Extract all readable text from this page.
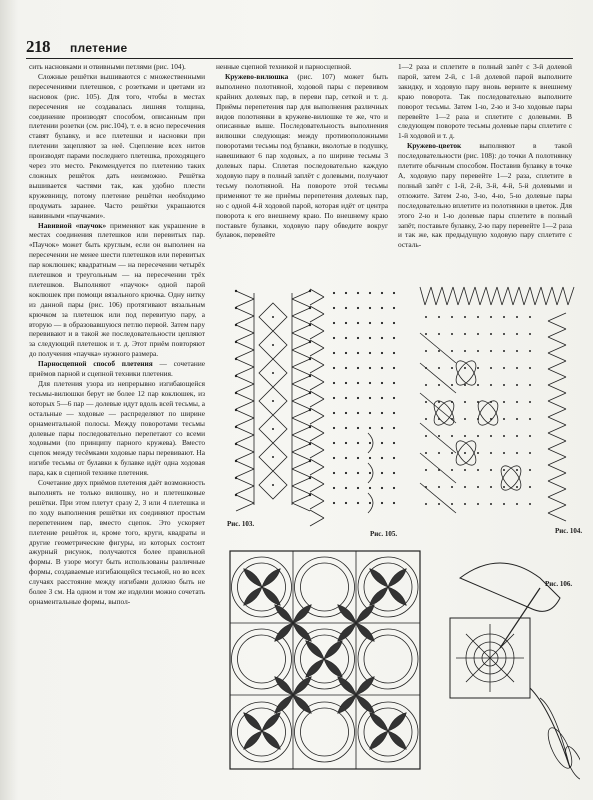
218 плетение

сить насновками и отвивными петлями (рис. 104).

Сложные решётки вышиваются с множественными пересечениями плетешков, с розетками и цветами из насновок (рис. 105). Для того, чтобы в местах пересечения не создавалась лишняя толщина, соединение производят способом, описанным при плетении розетки (см. рис.104), т. е. в ясно пересечения ставят булавку, и все плетешки и насновки при плетении зацепляют за неё. Сцепление всех нитов производят парами последнего плетешка, проходящего через это место. Рекомендуется по плетению таких сложных решёток дать неизможно. Решётка вышивается частями так, как удобно плести кружевницу, потому плетение решётки необходимо продумать заранее. Часто решётки украшаются навивными «паучками».

Навивной «паучок» применяют как украшение в местах соединения плетешков или перевитых пар. «Паучок» может быть круглым, если он выполнен на пересечении не менее шести плетешков или перевитых пар коклюшек; квадратным — на пересечении четырёх плетешков и треугольным — на пересечении трёх плетешков. Выполняют «паучок» одной парой коклюшек при помощи вязального крючка. Одну нитку из данной пары (рис. 106) протягивают вязальным крючком за плетешок или под перевитую пару, а вторую — в образовавшуюся петлю первой. Затем пару перевивают и в такой же последовательности цепляют за следующий плетешок и т. д. Этот приём повторяют до получения «паучка» нужного размера.

Парносцепной способ плетения — сочетание приёмов парной и сцепной техники плетения.

Для плетения узора из непрерывно изгибающейся тесьмы-вилюшки берут не более 12 пар коклюшек, из которых 5—6 пар — долевые идут вдоль всей тесьмы, а остальные — ходовые — распределяют по ширине орнаментальной полосы. Между поворотами тесьмы долевые пары последовательно перепетают со всеми ходовыми (по принципу парного кружева). Вместо сцепок между тесёмками ходовые пары перевивают. На изгибе тесьмы от булавки к булавке идёт одна ходовая пара, как в сцепной технике плетения.

Сочетание двух приёмов плетения даёт возможность выполнять не только вилюшку, но и плетешковые решётки. При этом плетут сразу 2, 3 или 4 плетешка и по ходу выполнения решётки их соединяют простым перепетением пар, вместо сцепок. Это ускоряет плетение решёток и, кроме того, круги, квадраты и другие геометрические фигуры, из которых состоит ажурный рисунок, получаются более правильной формы. В узоре могут быть использованы различные формы, создаваемые изгибающейся тесьмой, но во всех случаях расстояние между изгибами должно быть не более 3 см. На одном и том же изделии можно сочетать орнаментальные формы, выпол-

ненные сцепной техникой и парносцепной.

Кружево-вилюшка (рис. 107) может быть выполнено полотняной, ходовой пары с перевивом крайних долевых пар, в переви пар, сеткой и т. д. Приёмы перепетения пар для выполнения различных видов полотнянки в кружеве-вилюшке те же, что и описанные выше. Последовательность выполнения вилюшки следующая: между противоположными поворотами тесьмы под булавки, вколотые в подушку, навешивают 6 пар ходовых, а по ширине тесьмы 3 долевых пары. Сплетая последовательно каждую ходовую пару в полный заплёт с долевыми, получают тесьму полотняной. На повороте этой тесьмы применяют те же приёмы перепетения долевых пар, но с одной 4-й ходовой парой, которая идёт от центра поворота к его внешнему краю. По внешнему краю поставьте булавки, ходовую пару обведите вокруг булавок, перевейте

1—2 раза и сплетите в полный запёт с 3-й долевой парой, затем 2-й, с 1-й долевой парой выполните закидку, и ходовую пару вновь верните к внешнему краю поворота. Так последовательно выполните поворот тесьмы. Затем 1-ю, 2-ю и 3-ю ходовые пары перевейте 1—2 раза и сплетите с долевыми. В следующем повороте тесьмы долевые пары сплетите с 1-й ходовой и т. д.

Кружево-цветок выполняют в такой последовательности (рис. 108): до точки А полотнянку плетите обычным способом. Поставив булавку в точке А, ходовую пару перевейте 1—2 раза, сплетите в полный запёт с 1-й, 2-й, 3-й, 4-й, 5-й долевыми и отложите. Затем 2-ю, 3-ю, 4-ю, 5-ю долевые пары последовательно вплетите из полотнянки в цветок. Для этого 2-ю и 1-ю долевые пары сплетите в полный запёт, поставьте булавку, 2-ю пару перевейте 1—2 раза и так же, как предыдущую ходовую пару сплетите с осталь-

Рис. 103.
Рис. 105.	Рис. 104.
Рис. 106.
